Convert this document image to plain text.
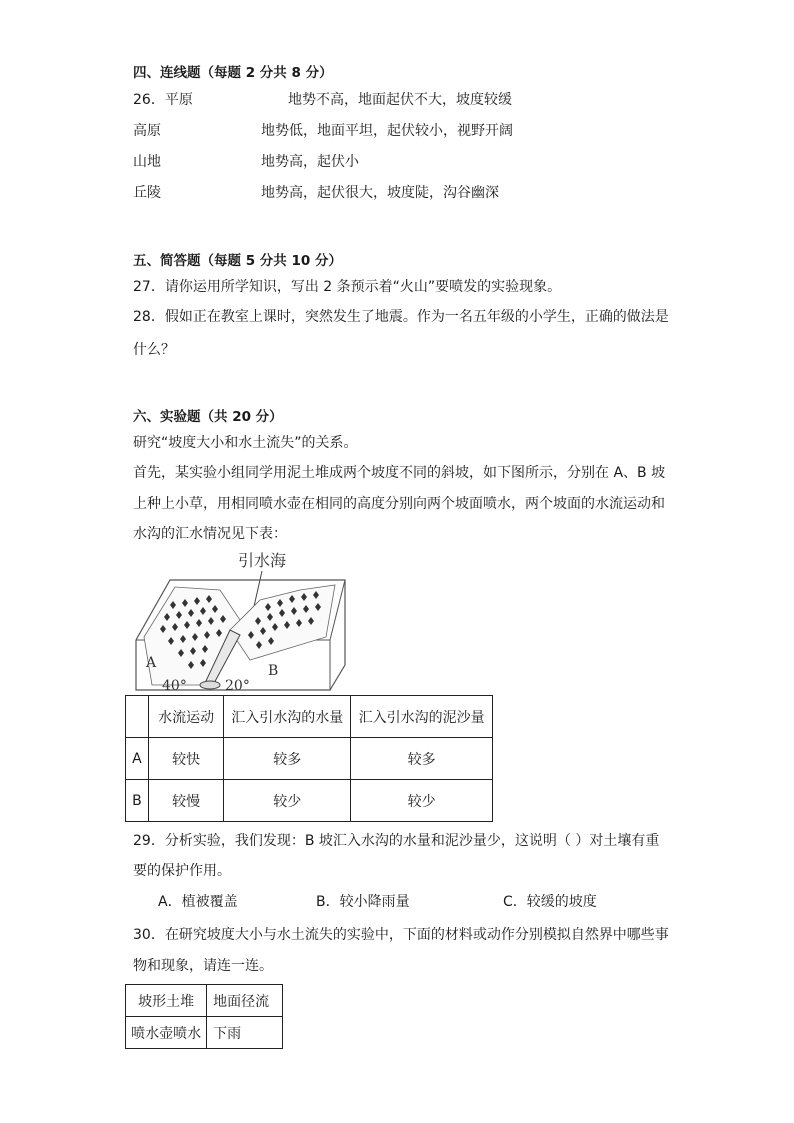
四、连线题（每题 2 分共 8 分）
26．平原	地势不高，地面起伏不大，坡度较缓
高原	地势低，地面平坦，起伏较小，视野开阔
山地	地势高，起伏小
丘陵	地势高，起伏很大，坡度陡，沟谷幽深
五、简答题（每题 5 分共 10 分）
27．请你运用所学知识，写出 2 条预示着“火山”要喷发的实验现象。
28．假如正在教室上课时，突然发生了地震。作为一名五年级的小学生，正确的做法是
什么？
六、实验题（共 20 分）
研究“坡度大小和水土流失”的关系。
首先，某实验小组同学用泥土堆成两个坡度不同的斜坡，如下图所示，分别在 A、B 坡
上种上小草，用相同喷水壶在相同的高度分别向两个坡面喷水，两个坡面的水流运动和
水沟的汇水情况见下表：
引水海
A	B
40°	20°
	水流运动	汇入引水沟的水量	汇入引水沟的泥沙量
A	较快	较多	较多
B	较慢	较少	较少
29．分析实验，我们发现：B 坡汇入水沟的水量和泥沙量少，这说明（ ）对土壤有重
要的保护作用。
A．植被覆盖	B．较小降雨量	C．较缓的坡度
30．在研究坡度大小与水土流失的实验中，下面的材料或动作分别模拟自然界中哪些事
物和现象，请连一连。
坡形土堆	地面径流
喷水壶喷水	下雨
